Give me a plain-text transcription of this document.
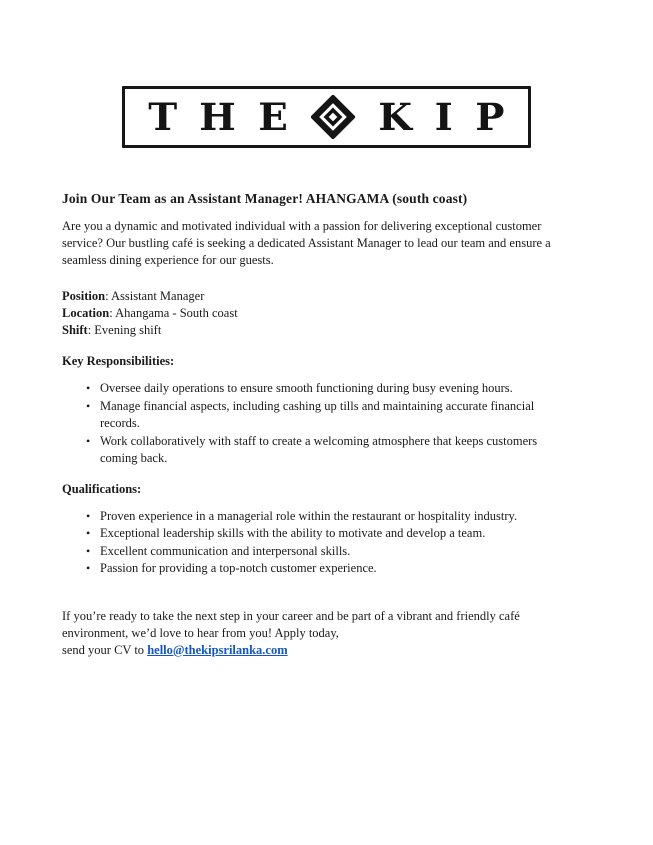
T H E K I P
Join Our Team as an Assistant Manager! AHANGAMA (south coast)

Are you a dynamic and motivated individual with a passion for delivering exceptional customer service? Our bustling café is seeking a dedicated Assistant Manager to lead our team and ensure a seamless dining experience for our guests.

Position: Assistant Manager
Location: Ahangama - South coast
Shift: Evening shift
Key Responsibilities:
• Oversee daily operations to ensure smooth functioning during busy evening hours.
• Manage financial aspects, including cashing up tills and maintaining accurate financial records.
• Work collaboratively with staff to create a welcoming atmosphere that keeps customers coming back.
Qualifications:
• Proven experience in a managerial role within the restaurant or hospitality industry.
• Exceptional leadership skills with the ability to motivate and develop a team.
• Excellent communication and interpersonal skills.
• Passion for providing a top-notch customer experience.

If you’re ready to take the next step in your career and be part of a vibrant and friendly café environment, we’d love to hear from you! Apply today,
send your CV to hello@thekipsrilanka.com
